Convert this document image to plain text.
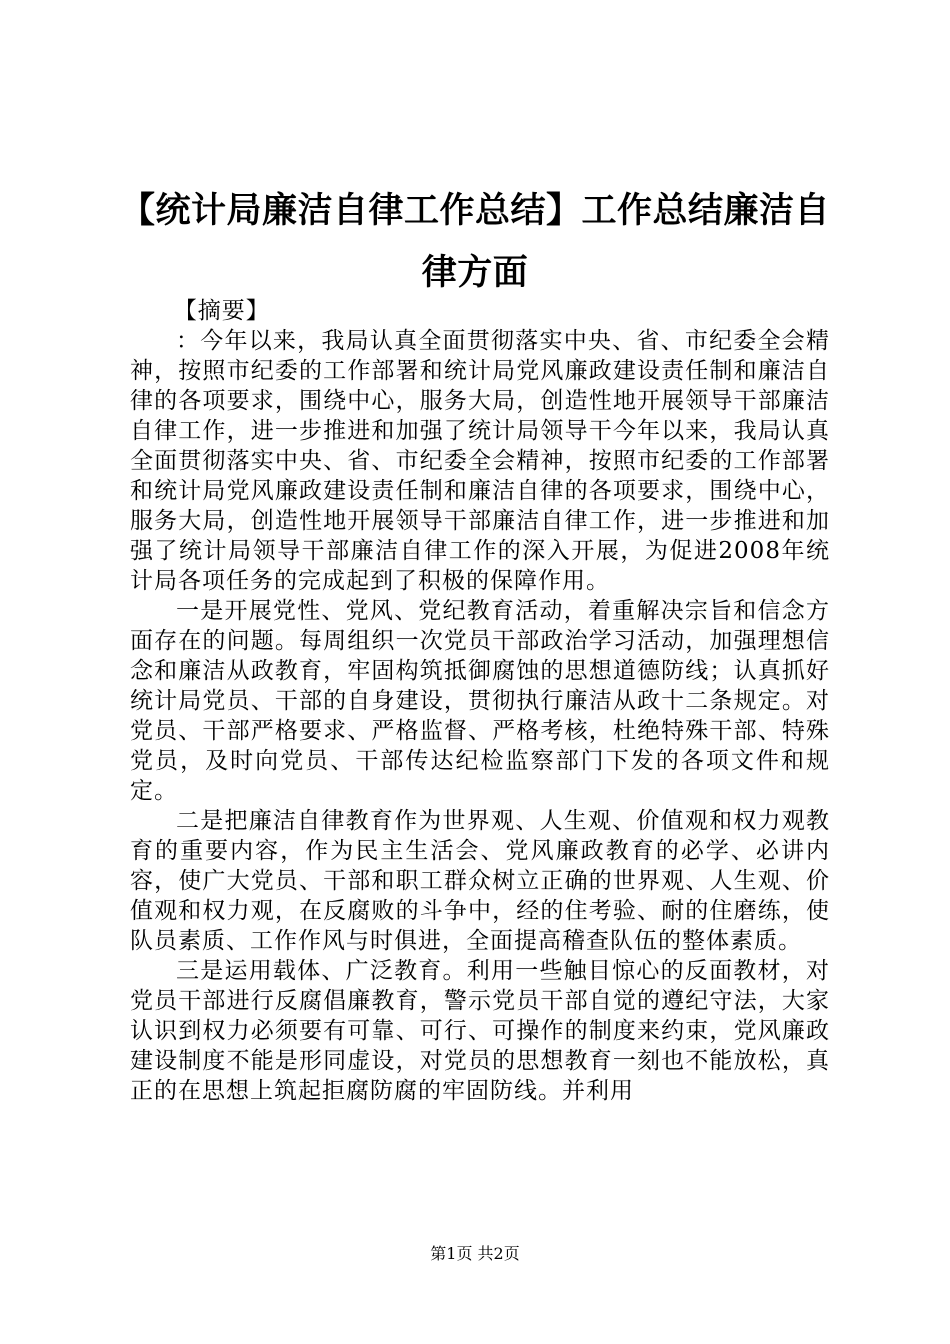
【统计局廉洁自律工作总结】工作总结廉洁自律方面

【摘要】

：今年以来，我局认真全面贯彻落实中央、省、市纪委全会精神，按照市纪委的工作部署和统计局党风廉政建设责任制和廉洁自律的各项要求，围绕中心，服务大局，创造性地开展领导干部廉洁自律工作，进一步推进和加强了统计局领导干今年以来，我局认真全面贯彻落实中央、省、市纪委全会精神，按照市纪委的工作部署和统计局党风廉政建设责任制和廉洁自律的各项要求，围绕中心，服务大局，创造性地开展领导干部廉洁自律工作，进一步推进和加强了统计局领导干部廉洁自律工作的深入开展，为促进2008年统计局各项任务的完成起到了积极的保障作用。

一是开展党性、党风、党纪教育活动，着重解决宗旨和信念方面存在的问题。每周组织一次党员干部政治学习活动，加强理想信念和廉洁从政教育，牢固构筑抵御腐蚀的思想道德防线；认真抓好统计局党员、干部的自身建设，贯彻执行廉洁从政十二条规定。对党员、干部严格要求、严格监督、严格考核，杜绝特殊干部、特殊党员，及时向党员、干部传达纪检监察部门下发的各项文件和规定。

二是把廉洁自律教育作为世界观、人生观、价值观和权力观教育的重要内容，作为民主生活会、党风廉政教育的必学、必讲内容，使广大党员、干部和职工群众树立正确的世界观、人生观、价值观和权力观，在反腐败的斗争中，经的住考验、耐的住磨练，使队员素质、工作作风与时俱进，全面提高稽查队伍的整体素质。

三是运用载体、广泛教育。利用一些触目惊心的反面教材，对党员干部进行反腐倡廉教育，警示党员干部自觉的遵纪守法，大家认识到权力必须要有可靠、可行、可操作的制度来约束，党风廉政建设制度不能是形同虚设，对党员的思想教育一刻也不能放松，真正的在思想上筑起拒腐防腐的牢固防线。并利用

第1页 共2页
